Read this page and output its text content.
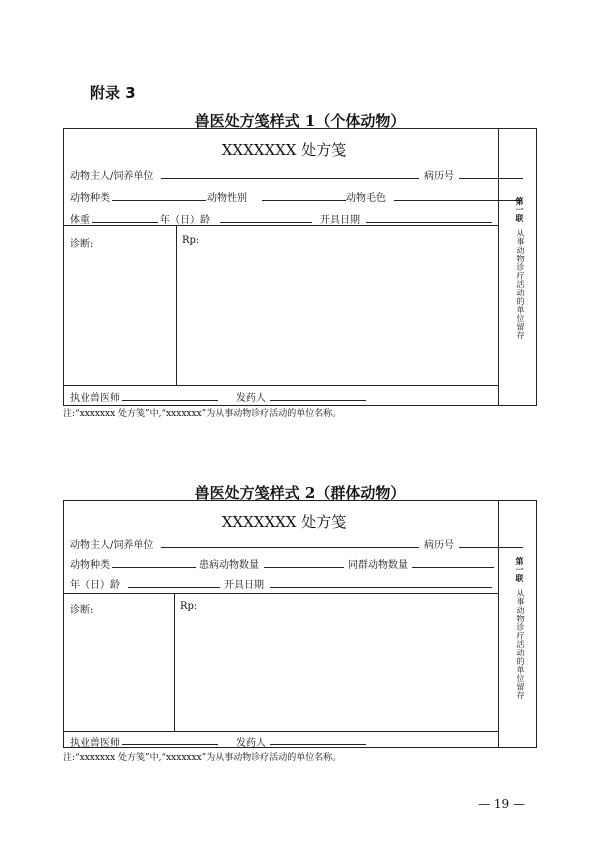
附录 3
兽医处方笺样式 1（个体动物）
XXXXXXX 处方笺
动物主人/饲养单位	病历号
动物种类	动物性别	动物毛色
体重	年（日）龄	开具日期
诊断:	Rp:
执业兽医师	发药人
第一联
从事动物诊疗活动的单位留存
注:“xxxxxxx 处方笺”中,“xxxxxxx”为从事动物诊疗活动的单位名称。
兽医处方笺样式 2（群体动物）
XXXXXXX 处方笺
动物主人/饲养单位	病历号
动物种类	患病动物数量	同群动物数量
年（日）龄	开具日期
诊断:	Rp:
执业兽医师	发药人
第一联
从事动物诊疗活动的单位留存
注:“xxxxxxx 处方笺”中,“xxxxxxx”为从事动物诊疗活动的单位名称。
— 19 —
